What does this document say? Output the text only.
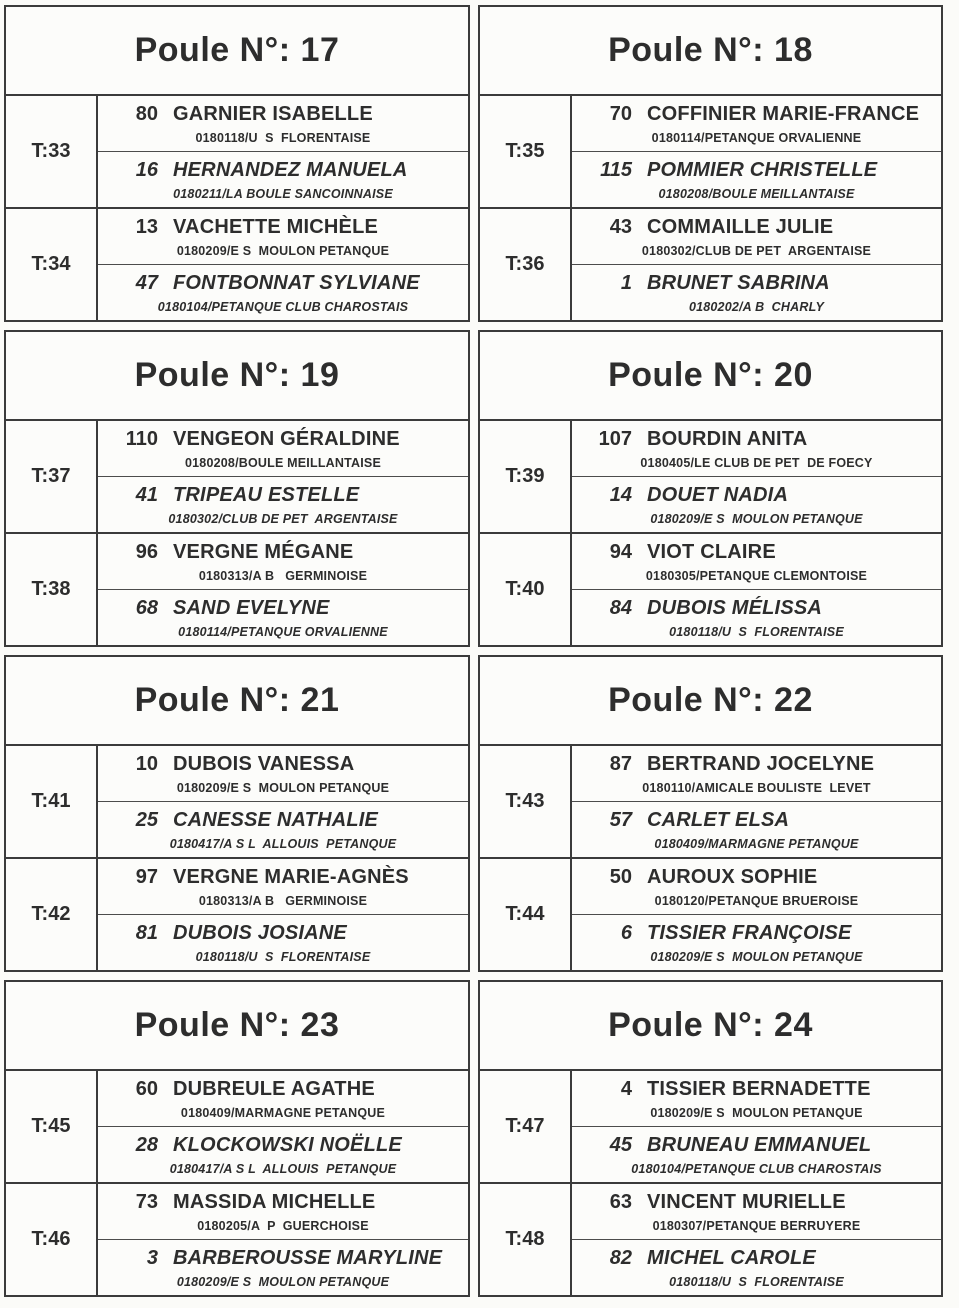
Poule N°: 17
T:33
80 GARNIER ISABELLE
0180118/U  S  FLORENTAISE
16 HERNANDEZ MANUELA
0180211/LA BOULE SANCOINNAISE
T:34
13 VACHETTE MICHÈLE
0180209/E S  MOULON PETANQUE
47 FONTBONNAT SYLVIANE
0180104/PETANQUE CLUB CHAROSTAIS
Poule N°: 18
T:35
70 COFFINIER MARIE-FRANCE
0180114/PETANQUE ORVALIENNE
115 POMMIER CHRISTELLE
0180208/BOULE MEILLANTAISE
T:36
43 COMMAILLE JULIE
0180302/CLUB DE PET  ARGENTAISE
1 BRUNET SABRINA
0180202/A B  CHARLY
Poule N°: 19
T:37
110 VENGEON GÉRALDINE
0180208/BOULE MEILLANTAISE
41 TRIPEAU ESTELLE
0180302/CLUB DE PET  ARGENTAISE
T:38
96 VERGNE MÉGANE
0180313/A B   GERMINOISE
68 SAND EVELYNE
0180114/PETANQUE ORVALIENNE
Poule N°: 20
T:39
107 BOURDIN ANITA
0180405/LE CLUB DE PET  DE FOECY
14 DOUET NADIA
0180209/E S  MOULON PETANQUE
T:40
94 VIOT CLAIRE
0180305/PETANQUE CLEMONTOISE
84 DUBOIS MÉLISSA
0180118/U  S  FLORENTAISE
Poule N°: 21
T:41
10 DUBOIS VANESSA
0180209/E S  MOULON PETANQUE
25 CANESSE NATHALIE
0180417/A S L  ALLOUIS  PETANQUE
T:42
97 VERGNE MARIE-AGNÈS
0180313/A B   GERMINOISE
81 DUBOIS JOSIANE
0180118/U  S  FLORENTAISE
Poule N°: 22
T:43
87 BERTRAND JOCELYNE
0180110/AMICALE BOULISTE  LEVET
57 CARLET ELSA
0180409/MARMAGNE PETANQUE
T:44
50 AUROUX SOPHIE
0180120/PETANQUE BRUEROISE
6 TISSIER FRANÇOISE
0180209/E S  MOULON PETANQUE
Poule N°: 23
T:45
60 DUBREULE AGATHE
0180409/MARMAGNE PETANQUE
28 KLOCKOWSKI NOËLLE
0180417/A S L  ALLOUIS  PETANQUE
T:46
73 MASSIDA MICHELLE
0180205/A  P  GUERCHOISE
3 BARBEROUSSE MARYLINE
0180209/E S  MOULON PETANQUE
Poule N°: 24
T:47
4 TISSIER BERNADETTE
0180209/E S  MOULON PETANQUE
45 BRUNEAU EMMANUEL
0180104/PETANQUE CLUB CHAROSTAIS
T:48
63 VINCENT MURIELLE
0180307/PETANQUE BERRUYERE
82 MICHEL CAROLE
0180118/U  S  FLORENTAISE
